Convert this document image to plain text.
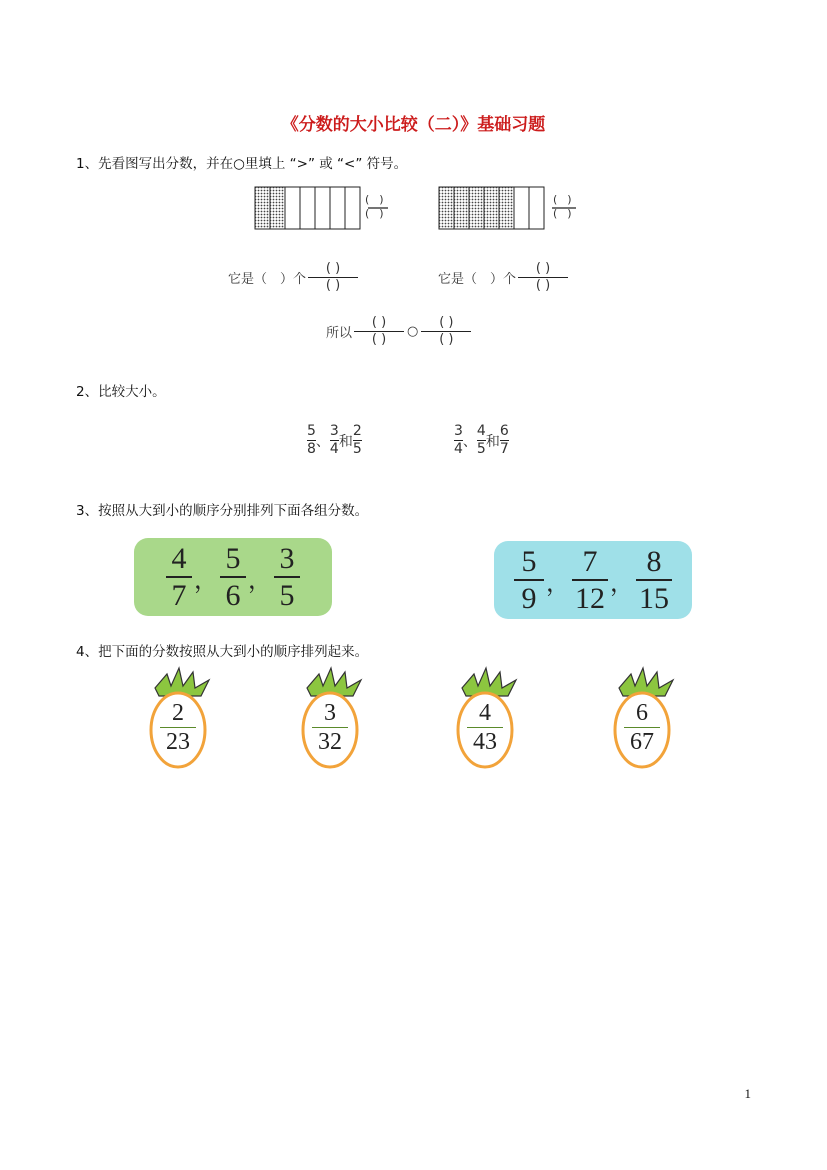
《分数的大小比较（二）》基础习题
1、先看图写出分数，并在○里填上 “>” 或 “<” 符号。
( )
( )
( )
( )
它是（　）个 $\frac{( )}{( )}$	它是（　）个 $\frac{( )}{( )}$
所以 $\frac{( )}{( )}$ ○ $\frac{( )}{( )}$
2、比较大小。
$\frac{5}{8}$ 、 $\frac{3}{4}$ 和 $\frac{2}{5}$	$\frac{3}{4}$ 、 $\frac{4}{5}$ 和 $\frac{6}{7}$
3、按照从大到小的顺序分别排列下面各组分数。
$\frac{4}{7}$ ， $\frac{5}{6}$ ， $\frac{3}{5}$	$\frac{5}{9}$ ， $\frac{7}{12}$ ， $\frac{8}{15}$
4、把下面的分数按照从大到小的顺序排列起来。
$\frac{2}{23}$	$\frac{3}{32}$	$\frac{4}{43}$	$\frac{6}{67}$
1
